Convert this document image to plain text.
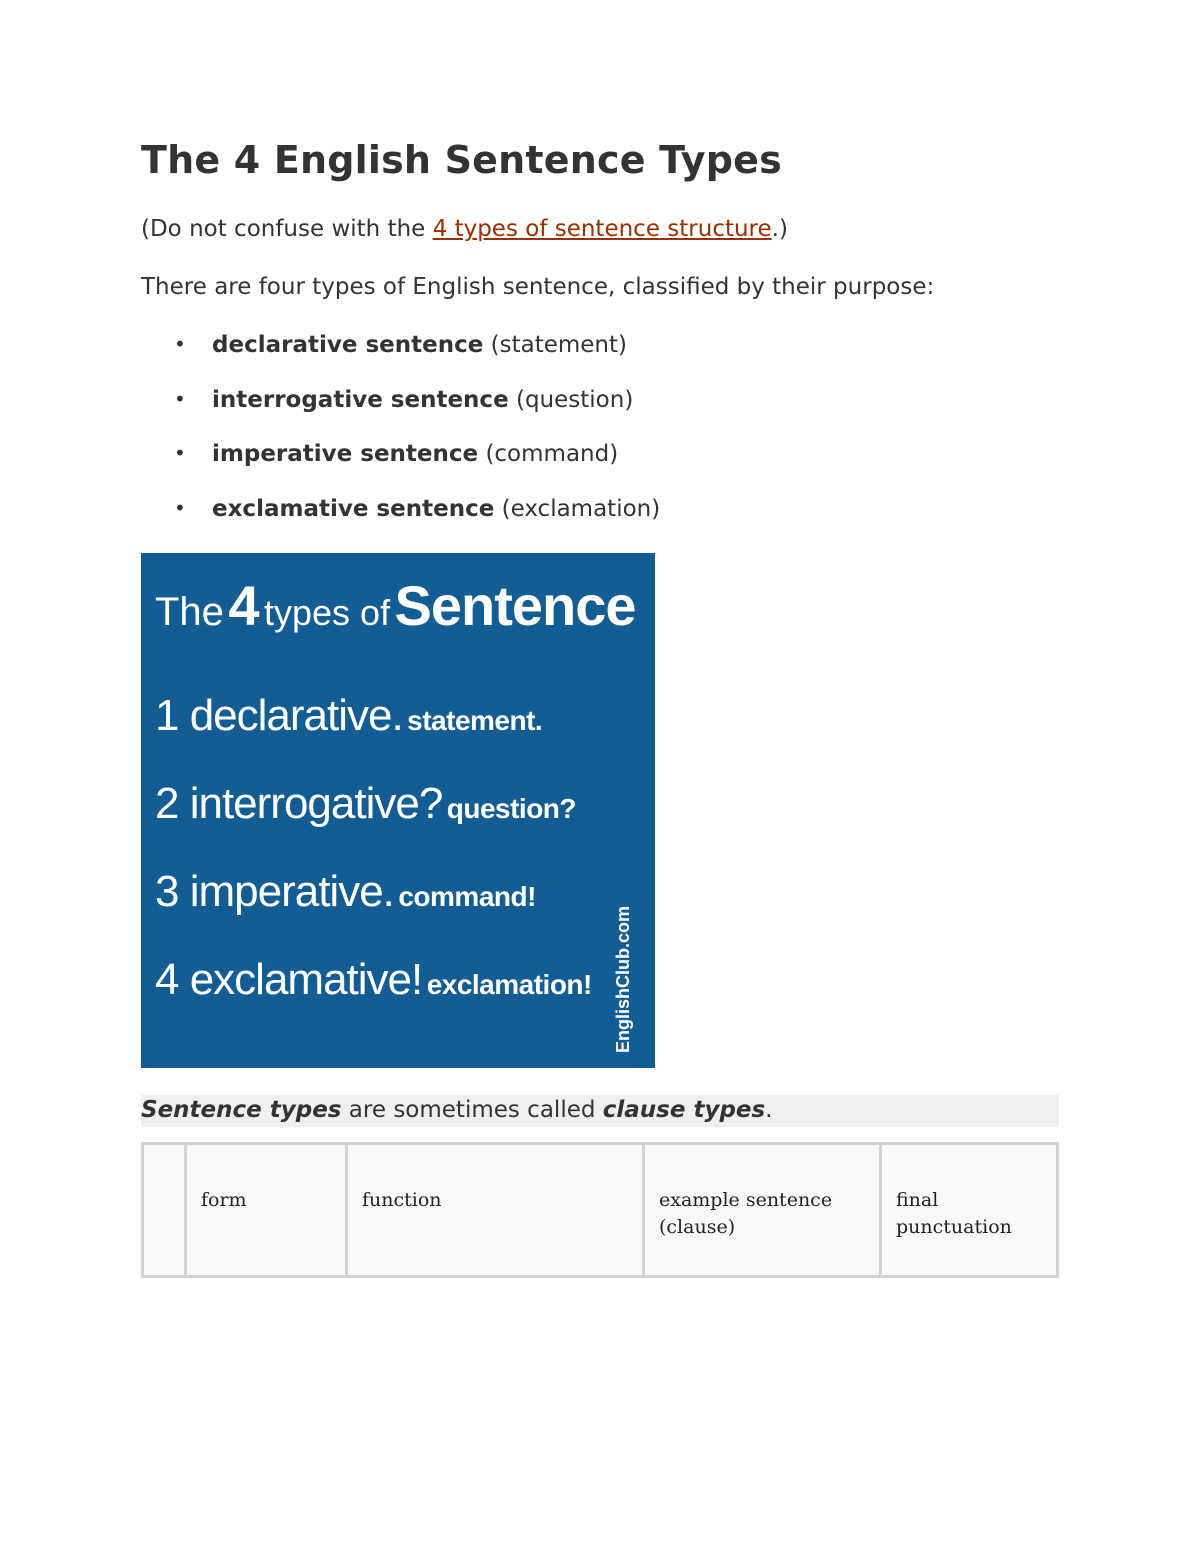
The 4 English Sentence Types
(Do not confuse with the 4 types of sentence structure.)
There are four types of English sentence, classified by their purpose:
• declarative sentence (statement)
• interrogative sentence (question)
• imperative sentence (command)
• exclamative sentence (exclamation)
The 4 types of Sentence
1 declarative. statement.
2 interrogative? question?
3 imperative. command!
4 exclamative! exclamation! EnglishClub.com
Sentence types are sometimes called clause types.
	form	function	example sentence (clause)	final punctuation
